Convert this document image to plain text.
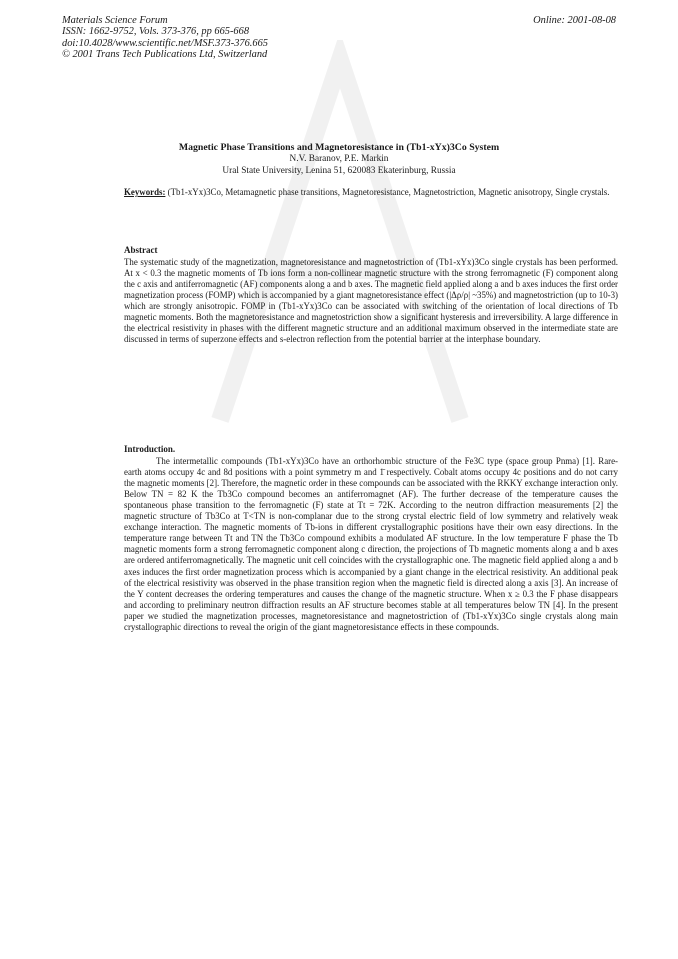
Materials Science Forum
ISSN: 1662-9752, Vols. 373-376, pp 665-668
doi:10.4028/www.scientific.net/MSF.373-376.665
© 2001 Trans Tech Publications Ltd, Switzerland
Online: 2001-08-08
Magnetic Phase Transitions and Magnetoresistance in (Tb1-xYx)3Co System
N.V. Baranov, P.E. Markin
Ural State University, Lenina 51, 620083 Ekaterinburg, Russia
Keywords: (Tb1-xYx)3Co, Metamagnetic phase transitions, Magnetoresistance, Magnetostriction, Magnetic anisotropy, Single crystals.
Abstract
The systematic study of the magnetization, magnetoresistance and magnetostriction of (Tb1-xYx)3Co single crystals has been performed. At x < 0.3 the magnetic moments of Tb ions form a non-collinear magnetic structure with the strong ferromagnetic (F) component along the c axis and antiferromagnetic (AF) components along a and b axes. The magnetic field applied along a and b axes induces the first order magnetization process (FOMP) which is accompanied by a giant magnetoresistance effect (|Δρ/ρ| ~35%) and magnetostriction (up to 10-3) which are strongly anisotropic. FOMP in (Tb1-xYx)3Co can be associated with switching of the orientation of local directions of Tb magnetic moments. Both the magnetoresistance and magnetostriction show a significant hysteresis and irreversibility. A large difference in the electrical resistivity in phases with the different magnetic structure and an additional maximum observed in the intermediate state are discussed in terms of superzone effects and s-electron reflection from the potential barrier at the interphase boundary.
Introduction.
The intermetallic compounds (Tb1-xYx)3Co have an orthorhombic structure of the Fe3C type (space group Pnma) [1]. Rare-earth atoms occupy 4c and 8d positions with a point symmetry m and 1̄ respectively. Cobalt atoms occupy 4c positions and do not carry the magnetic moments [2]. Therefore, the magnetic order in these compounds can be associated with the RKKY exchange interaction only. Below TN = 82 K the Tb3Co compound becomes an antiferromagnet (AF). The further decrease of the temperature causes the spontaneous phase transition to the ferromagnetic (F) state at Tt = 72K. According to the neutron diffraction measurements [2] the magnetic structure of Tb3Co at T<TN is non-complanar due to the strong crystal electric field of low symmetry and relatively weak exchange interaction. The magnetic moments of Tb-ions in different crystallographic positions have their own easy directions. In the temperature range between Tt and TN the Tb3Co compound exhibits a modulated AF structure. In the low temperature F phase the Tb magnetic moments form a strong ferromagnetic component along c direction, the projections of Tb magnetic moments along a and b axes are ordered antiferromagnetically. The magnetic unit cell coincides with the crystallographic one. The magnetic field applied along a and b axes induces the first order magnetization process which is accompanied by a giant change in the electrical resistivity. An additional peak of the electrical resistivity was observed in the phase transition region when the magnetic field is directed along a axis [3]. An increase of the Y content decreases the ordering temperatures and causes the change of the magnetic structure. When x ≥ 0.3 the F phase disappears and according to preliminary neutron diffraction results an AF structure becomes stable at all temperatures below TN [4]. In the present paper we studied the magnetization processes, magnetoresistance and magnetostriction of (Tb1-xYx)3Co single crystals along main crystallographic directions to reveal the origin of the giant magnetoresistance effects in these compounds.
